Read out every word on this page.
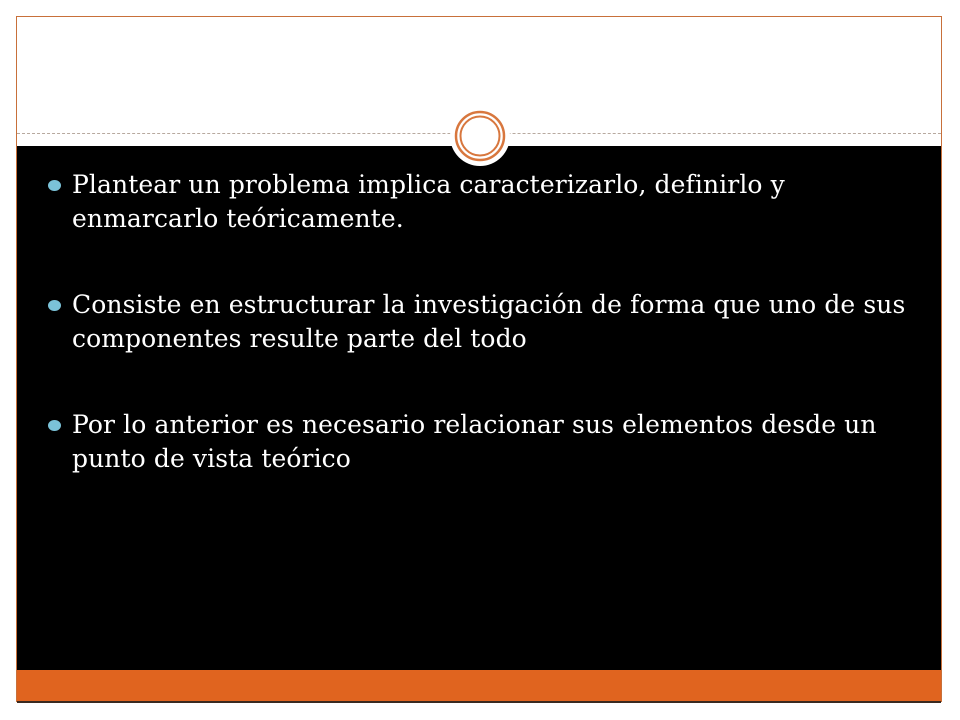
Plantear un problema implica caracterizarlo, definirlo y enmarcarlo teóricamente.
Consiste en estructurar la investigación de forma que uno de sus componentes resulte parte del todo
Por lo anterior es necesario relacionar sus elementos desde un punto de vista teórico
